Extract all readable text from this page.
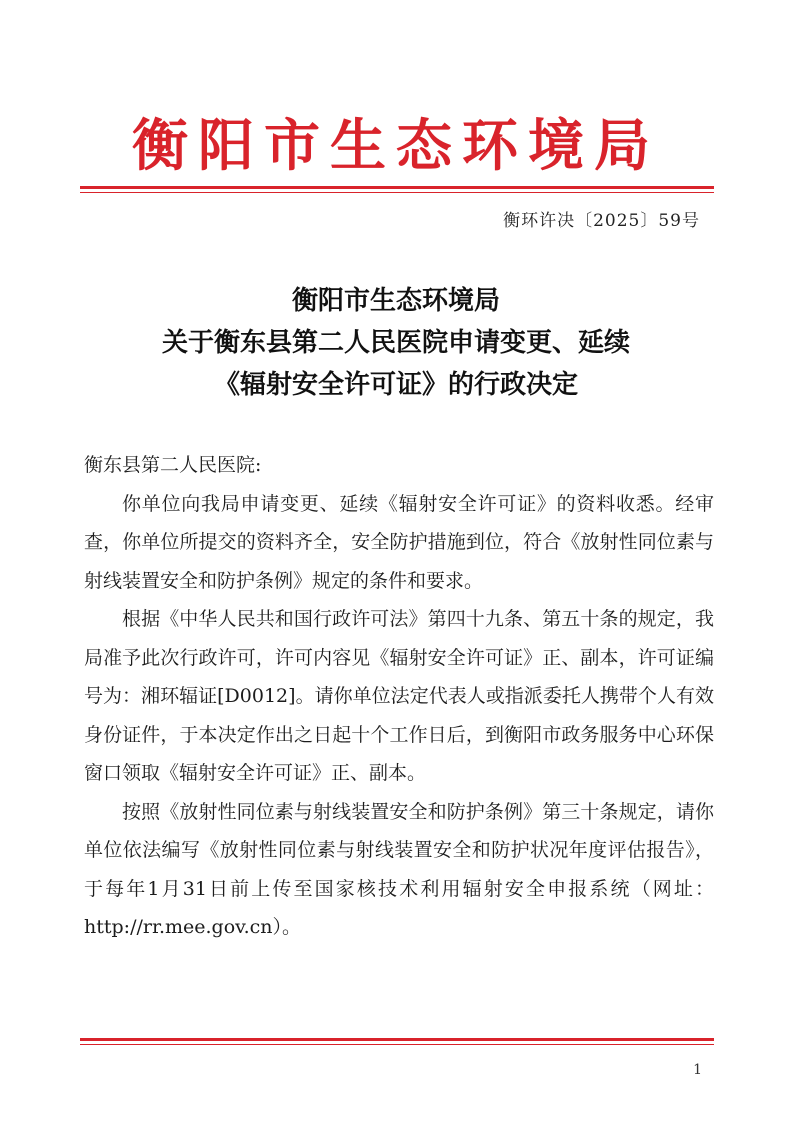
衡阳市生态环境局
衡环许决〔2025〕59号
衡阳市生态环境局
关于衡东县第二人民医院申请变更、延续
《辐射安全许可证》的行政决定

衡东县第二人民医院:

你单位向我局申请变更、延续《辐射安全许可证》的资料收悉。经审查，你单位所提交的资料齐全，安全防护措施到位，符合《放射性同位素与射线装置安全和防护条例》规定的条件和要求。

根据《中华人民共和国行政许可法》第四十九条、第五十条的规定，我局准予此次行政许可，许可内容见《辐射安全许可证》正、副本，许可证编号为：湘环辐证[D0012]。请你单位法定代表人或指派委托人携带个人有效身份证件，于本决定作出之日起十个工作日后，到衡阳市政务服务中心环保窗口领取《辐射安全许可证》正、副本。

按照《放射性同位素与射线装置安全和防护条例》第三十条规定，请你单位依法编写《放射性同位素与射线装置安全和防护状况年度评估报告》，于每年1月31日前上传至国家核技术利用辐射安全申报系统（网址：http://rr.mee.gov.cn）。

1
